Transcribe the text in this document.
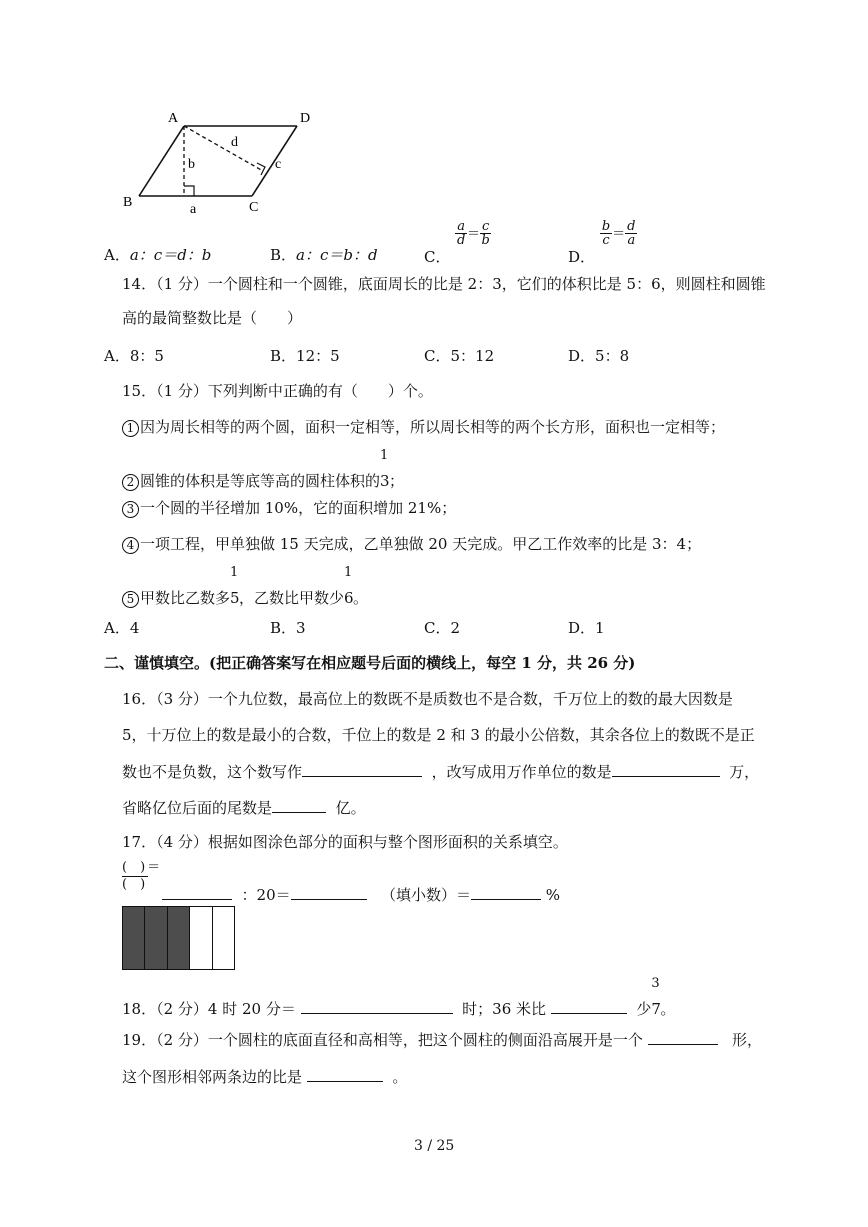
A	D
B	C
a
b	c
d
A．a：c＝d：b	B．a：c＝b：d	C．
$\frac{a}{d} = \frac{c}{b}$
D．
$\frac{b}{c} = \frac{d}{a}$
14．（1 分）一个圆柱和一个圆锥，底面周长的比是 2：3，它们的体积比是 5：6，则圆柱和圆锥
高的最简整数比是（　　）
A．8：5	B．12：5	C．5：12	D．5：8
15．（1 分）下列判断中正确的有（　　）个。
1 因为周长相等的两个圆，面积一定相等，所以周长相等的两个长方形，面积也一定相等；
2 圆锥的体积是等底等高的圆柱体积的
1
3；
3 一个圆的半径增加 10%，它的面积增加 21%；
4 一项工程，甲单独做 15 天完成，乙单独做 20 天完成。甲乙工作效率的比是 3：4；
5 甲数比乙数多
1
5，乙数比甲数少
1
6。
A．4	B．3	C．2	D．1
二、谨慎填空。(把正确答案写在相应题号后面的横线上，每空 1 分，共 26 分)
16．（3 分）一个九位数，最高位上的数既不是质数也不是合数，千万位上的数的最大因数是
5，十万位上的数是最小的合数，千位上的数是 2 和 3 的最小公倍数，其余各位上的数既不是正
数也不是负数，这个数写作	，改写成用万作单位的数是	万，
省略亿位后面的尾数是	亿。
17．（4 分）根据如图涂色部分的面积与整个图形面积的关系填空。
(　) ＝
(　)
：20＝	（填小数）＝	%
18．（2 分）4 时 20 分＝	时；36 米比	少
3
7。
19．（2 分）一个圆柱的底面直径和高相等，把这个圆柱的侧面沿高展开是一个	形，
这个图形相邻两条边的比是	。
3 / 25
